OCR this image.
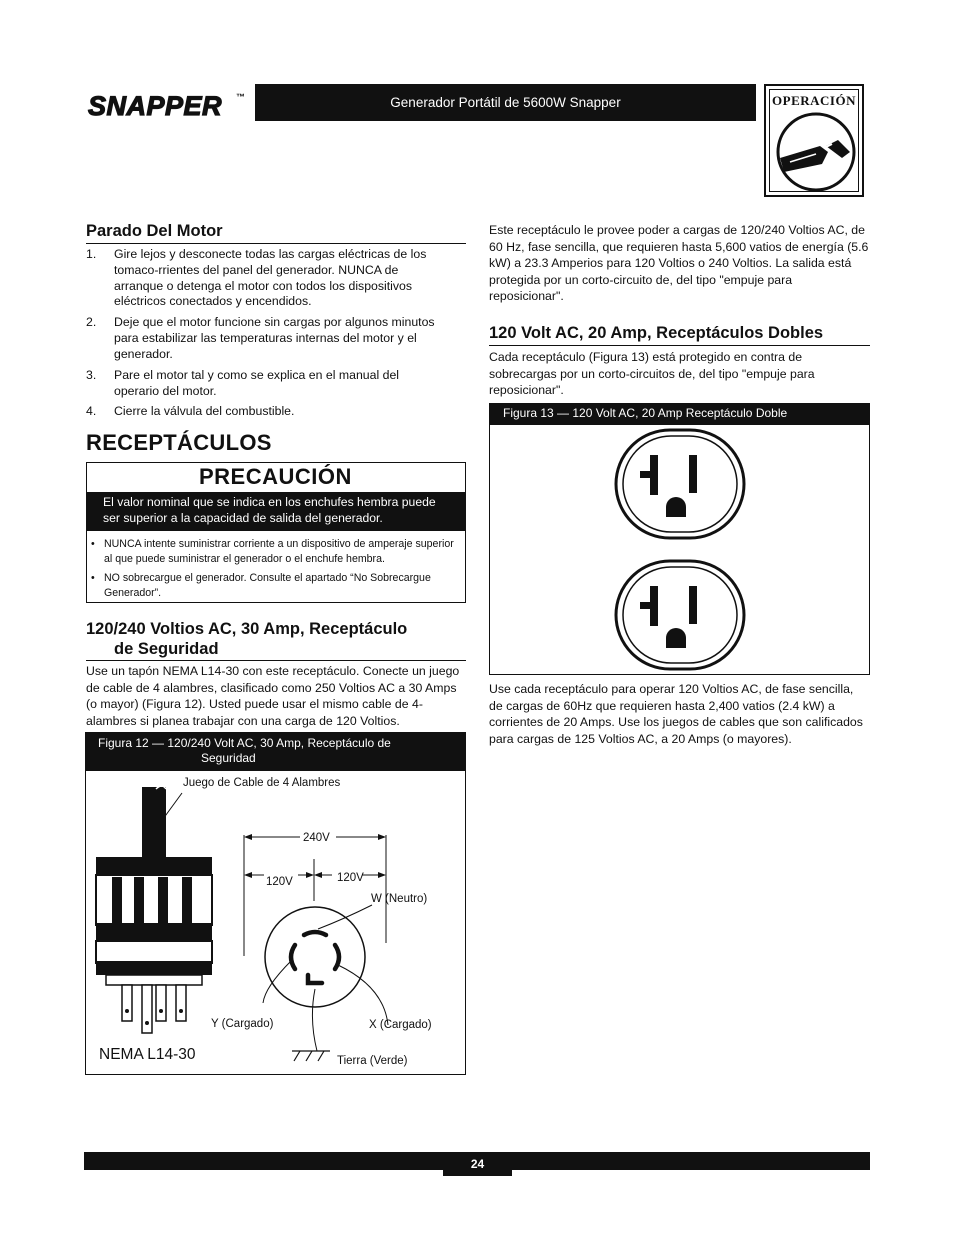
SNAPPER ™	Generador Portátil de 5600W Snapper	OPERACIÓN
Parado Del Motor
1. Gire lejos y desconecte todas las cargas eléctricas de los tomaco-rrientes del panel del generador. NUNCA de arranque o detenga el motor con todos los dispositivos eléctricos conectados y encendidos.
2. Deje que el motor funcione sin cargas por algunos minutos para estabilizar las temperaturas internas del motor y el generador.
3. Pare el motor tal y como se explica en el manual del operario del motor.
4. Cierre la válvula del combustible.
RECEPTÁCULOS
PRECAUCIÓN
El valor nominal que se indica en los enchufes hembra puede ser superior a la capacidad de salida del generador.
• NUNCA intente suministrar corriente a un dispositivo de amperaje superior al que puede suministrar el generador o el enchufe hembra.
• NO sobrecargue el generador. Consulte el apartado “No Sobrecargue Generador”.
120/240 Voltios AC, 30 Amp, Receptáculo
de Seguridad
Use un tapón NEMA L14-30 con este receptáculo. Conecte un juego de cable de 4 alambres, clasificado como 250 Voltios AC a 30 Amps (o mayor) (Figura 12). Usted puede usar el mismo cable de 4-alambres si planea trabajar con una carga de 120 Voltios.
Figura 12 — 120/240 Volt AC, 30 Amp, Receptáculo de
Seguridad
Juego de Cable de 4 Alambres
240V
120V	120V
W (Neutro)
Y (Cargado)	X (Cargado)
Tierra (Verde)
NEMA L14-30
Este receptáculo le provee poder a cargas de 120/240 Voltios AC, de 60 Hz, fase sencilla, que requieren hasta 5,600 vatios de energía (5.6 kW) a 23.3 Amperios para 120 Voltios o 240 Voltios. La salida está protegida por un corto-circuito de, del tipo "empuje para reposicionar".
120 Volt AC, 20 Amp, Receptáculos Dobles
Cada receptáculo (Figura 13) está protegido en contra de sobrecargas por un corto-circuitos de, del tipo "empuje para reposicionar".
Figura 13 — 120 Volt AC, 20 Amp Receptáculo Doble
Use cada receptáculo para operar 120 Voltios AC, de fase sencilla, de cargas de 60Hz que requieren hasta 2,400 vatios (2.4 kW) a corrientes de 20 Amps. Use los juegos de cables que son calificados para cargas de 125 Voltios AC, a 20 Amps (o mayores).
24
